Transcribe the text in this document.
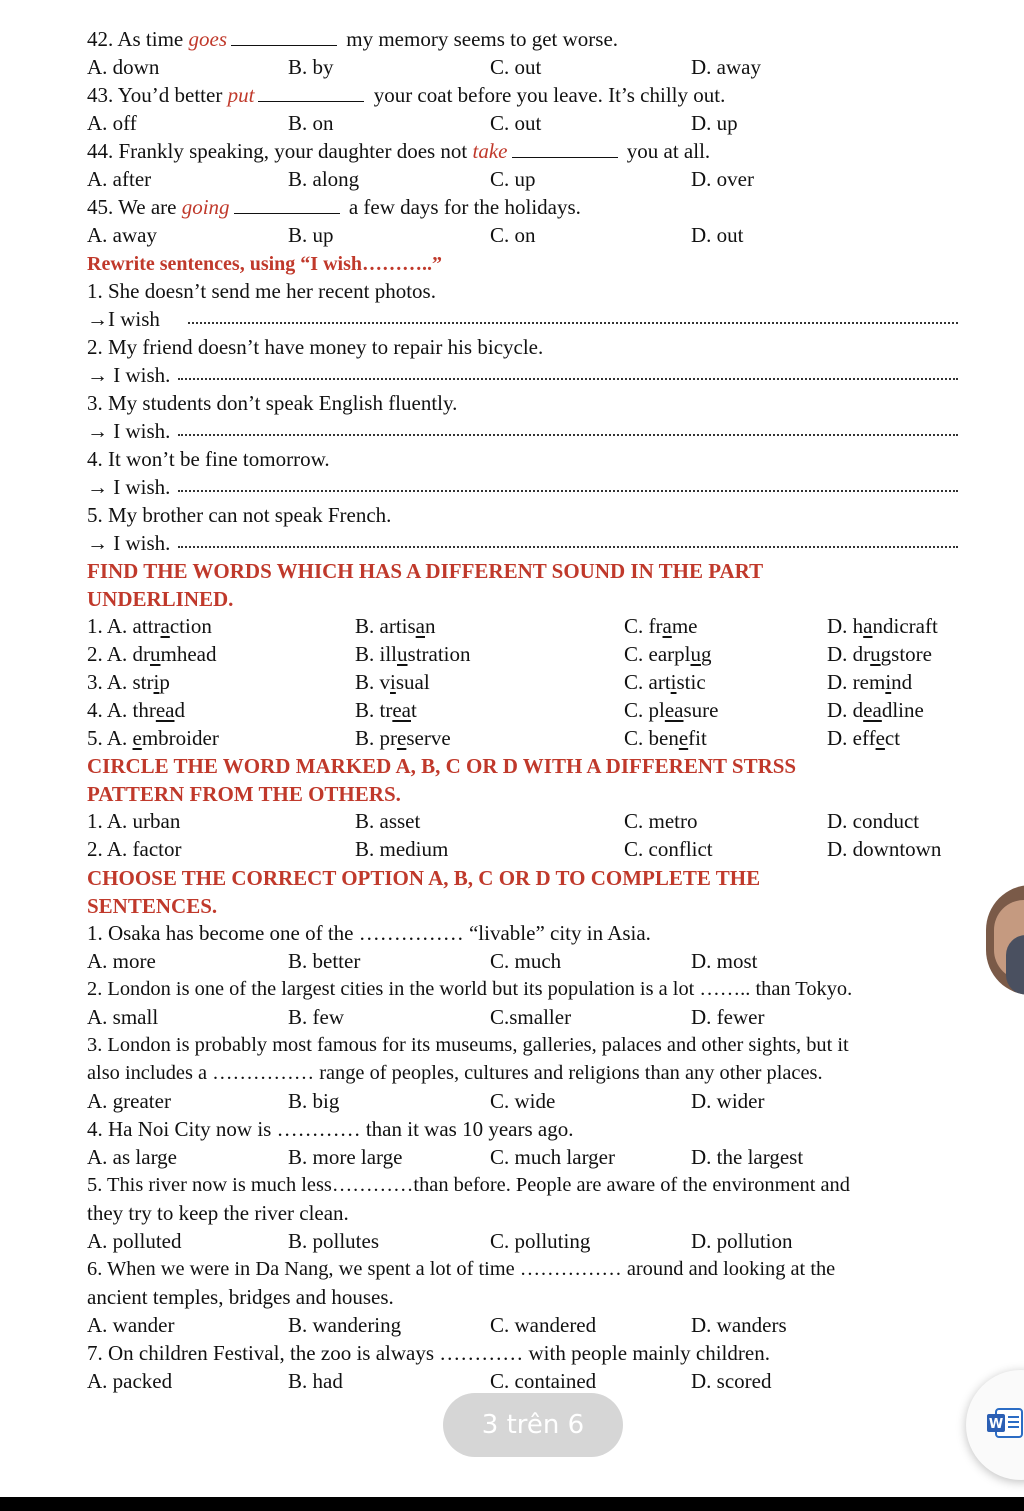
42. As time goes	my memory seems to get worse.
A. down	B. by	C. out	D. away
43. You’d better put	your coat before you leave. It’s chilly out.
A. off	B. on	C. out	D. up
44. Frankly speaking, your daughter does not take	you at all.
A. after	B. along	C. up	D. over
45. We are going	a few days for the holidays.
A. away	B. up	C. on	D. out
Rewrite sentences, using “I wish………..”
1. She doesn’t send me her recent photos.
→I wish
2. My friend doesn’t have money to repair his bicycle.
→ I wish.
3. My students don’t speak English fluently.
→ I wish.
4. It won’t be fine tomorrow.
→ I wish.
5. My brother can not speak French.
→ I wish.
FIND THE WORDS WHICH HAS A DIFFERENT SOUND IN THE PART
UNDERLINED.
1. A. attraction	B. artisan	C. frame	D. handicraft
2. A. drumhead	B. illustration	C. earplug	D. drugstore
3. A. strip	B. visual	C. artistic	D. remind
4. A. thread	B. treat	C. pleasure	D. deadline
5. A. embroider	B. preserve	C. benefit	D. effect
CIRCLE THE WORD MARKED A, B, C OR D WITH A DIFFERENT STRSS
PATTERN FROM THE OTHERS.
1. A. urban	B. asset	C. metro	D. conduct
2. A. factor	B. medium	C. conflict	D. downtown
CHOOSE THE CORRECT OPTION A, B, C OR D TO COMPLETE THE
SENTENCES.
1. Osaka has become one of the …………… “livable” city in Asia.
A. more	B. better	C. much	D. most
2. London is one of the largest cities in the world but its population is a lot …….. than Tokyo.
A. small	B. few	C.smaller	D. fewer
3. London is probably most famous for its museums, galleries, palaces and other sights, but it
also includes a …………… range of peoples, cultures and religions than any other places.
A. greater	B. big	C. wide	D. wider
4. Ha Noi City now is ………… than it was 10 years ago.
A. as large	B. more large	C. much larger	D. the largest
5. This river now is much less…………than before. People are aware of the environment and
they try to keep the river clean.
A. polluted	B. pollutes	C. polluting	D. pollution
6. When we were in Da Nang, we spent a lot of time …………… around and looking at the
ancient temples, bridges and houses.
A. wander	B. wandering	C. wandered	D. wanders
7. On children Festival, the zoo is always ………… with people mainly children.
A. packed	B. had	C. contained	D. scored
3 trên 6	W
